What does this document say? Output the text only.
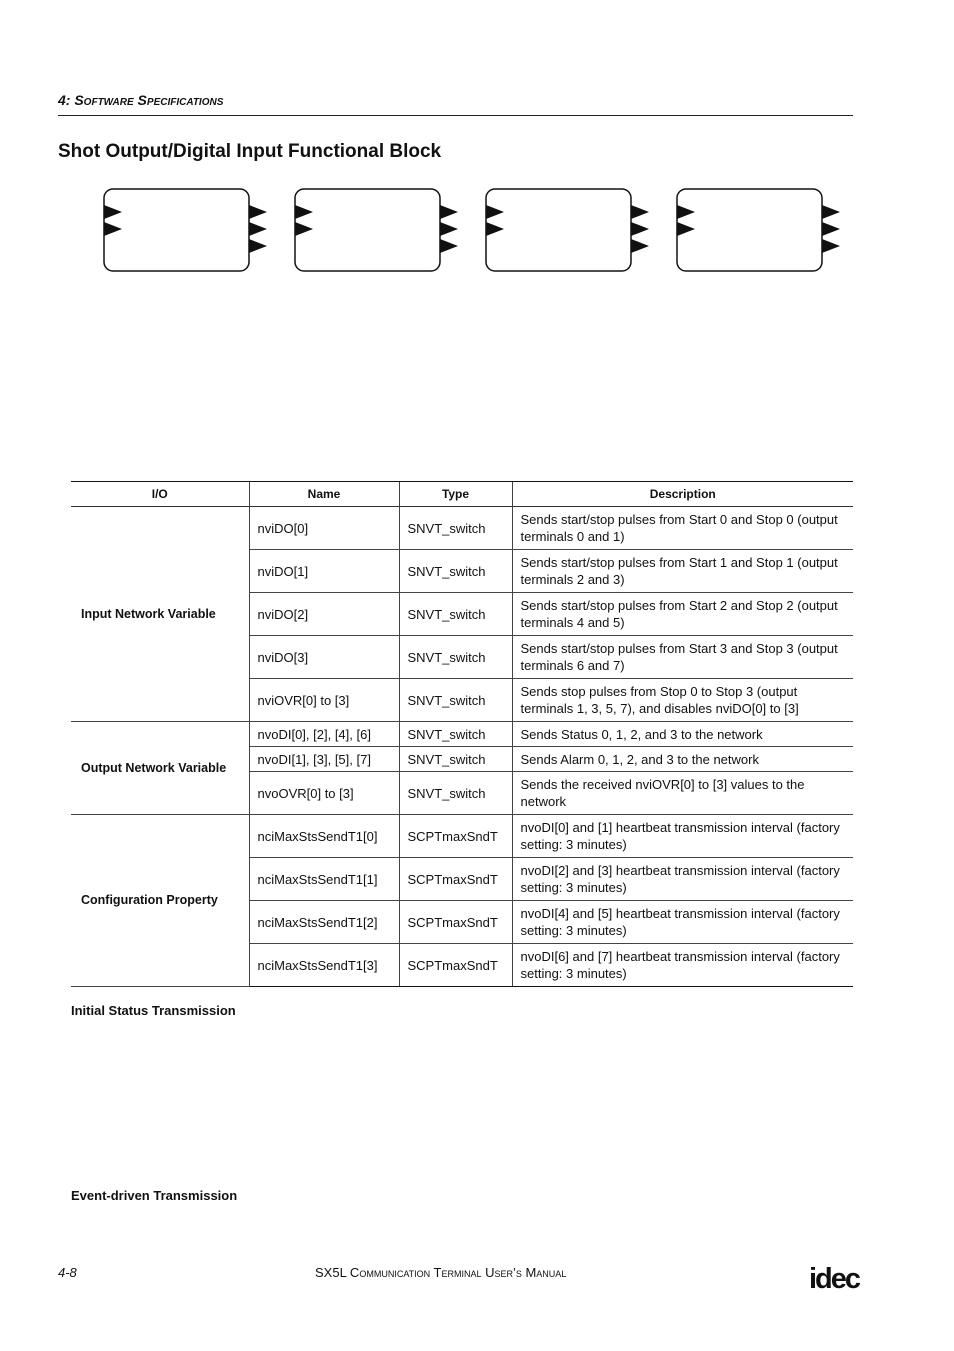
4: Software Specifications
Shot Output/Digital Input Functional Block
I/O	Name	Type	Description
Input Network Variable	nviDO[0]	SNVT_switch	Sends start/stop pulses from Start 0 and Stop 0 (output terminals 0 and 1)
	nviDO[1]	SNVT_switch	Sends start/stop pulses from Start 1 and Stop 1 (output terminals 2 and 3)
	nviDO[2]	SNVT_switch	Sends start/stop pulses from Start 2 and Stop 2 (output terminals 4 and 5)
	nviDO[3]	SNVT_switch	Sends start/stop pulses from Start 3 and Stop 3 (output terminals 6 and 7)
	nviOVR[0] to [3]	SNVT_switch	Sends stop pulses from Stop 0 to Stop 3 (output terminals 1, 3, 5, 7), and disables nviDO[0] to [3]
Output Network Variable	nvoDI[0], [2], [4], [6]	SNVT_switch	Sends Status 0, 1, 2, and 3 to the network
	nvoDI[1], [3], [5], [7]	SNVT_switch	Sends Alarm 0, 1, 2, and 3 to the network
	nvoOVR[0] to [3]	SNVT_switch	Sends the received nviOVR[0] to [3] values to the network
Configuration Property	nciMaxStsSendT1[0]	SCPTmaxSndT	nvoDI[0] and [1] heartbeat transmission interval (factory setting: 3 minutes)
	nciMaxStsSendT1[1]	SCPTmaxSndT	nvoDI[2] and [3] heartbeat transmission interval (factory setting: 3 minutes)
	nciMaxStsSendT1[2]	SCPTmaxSndT	nvoDI[4] and [5] heartbeat transmission interval (factory setting: 3 minutes)
	nciMaxStsSendT1[3]	SCPTmaxSndT	nvoDI[6] and [7] heartbeat transmission interval (factory setting: 3 minutes)
Initial Status Transmission
Event-driven Transmission
4-8	SX5L Communication Terminal User’s Manual	idec
